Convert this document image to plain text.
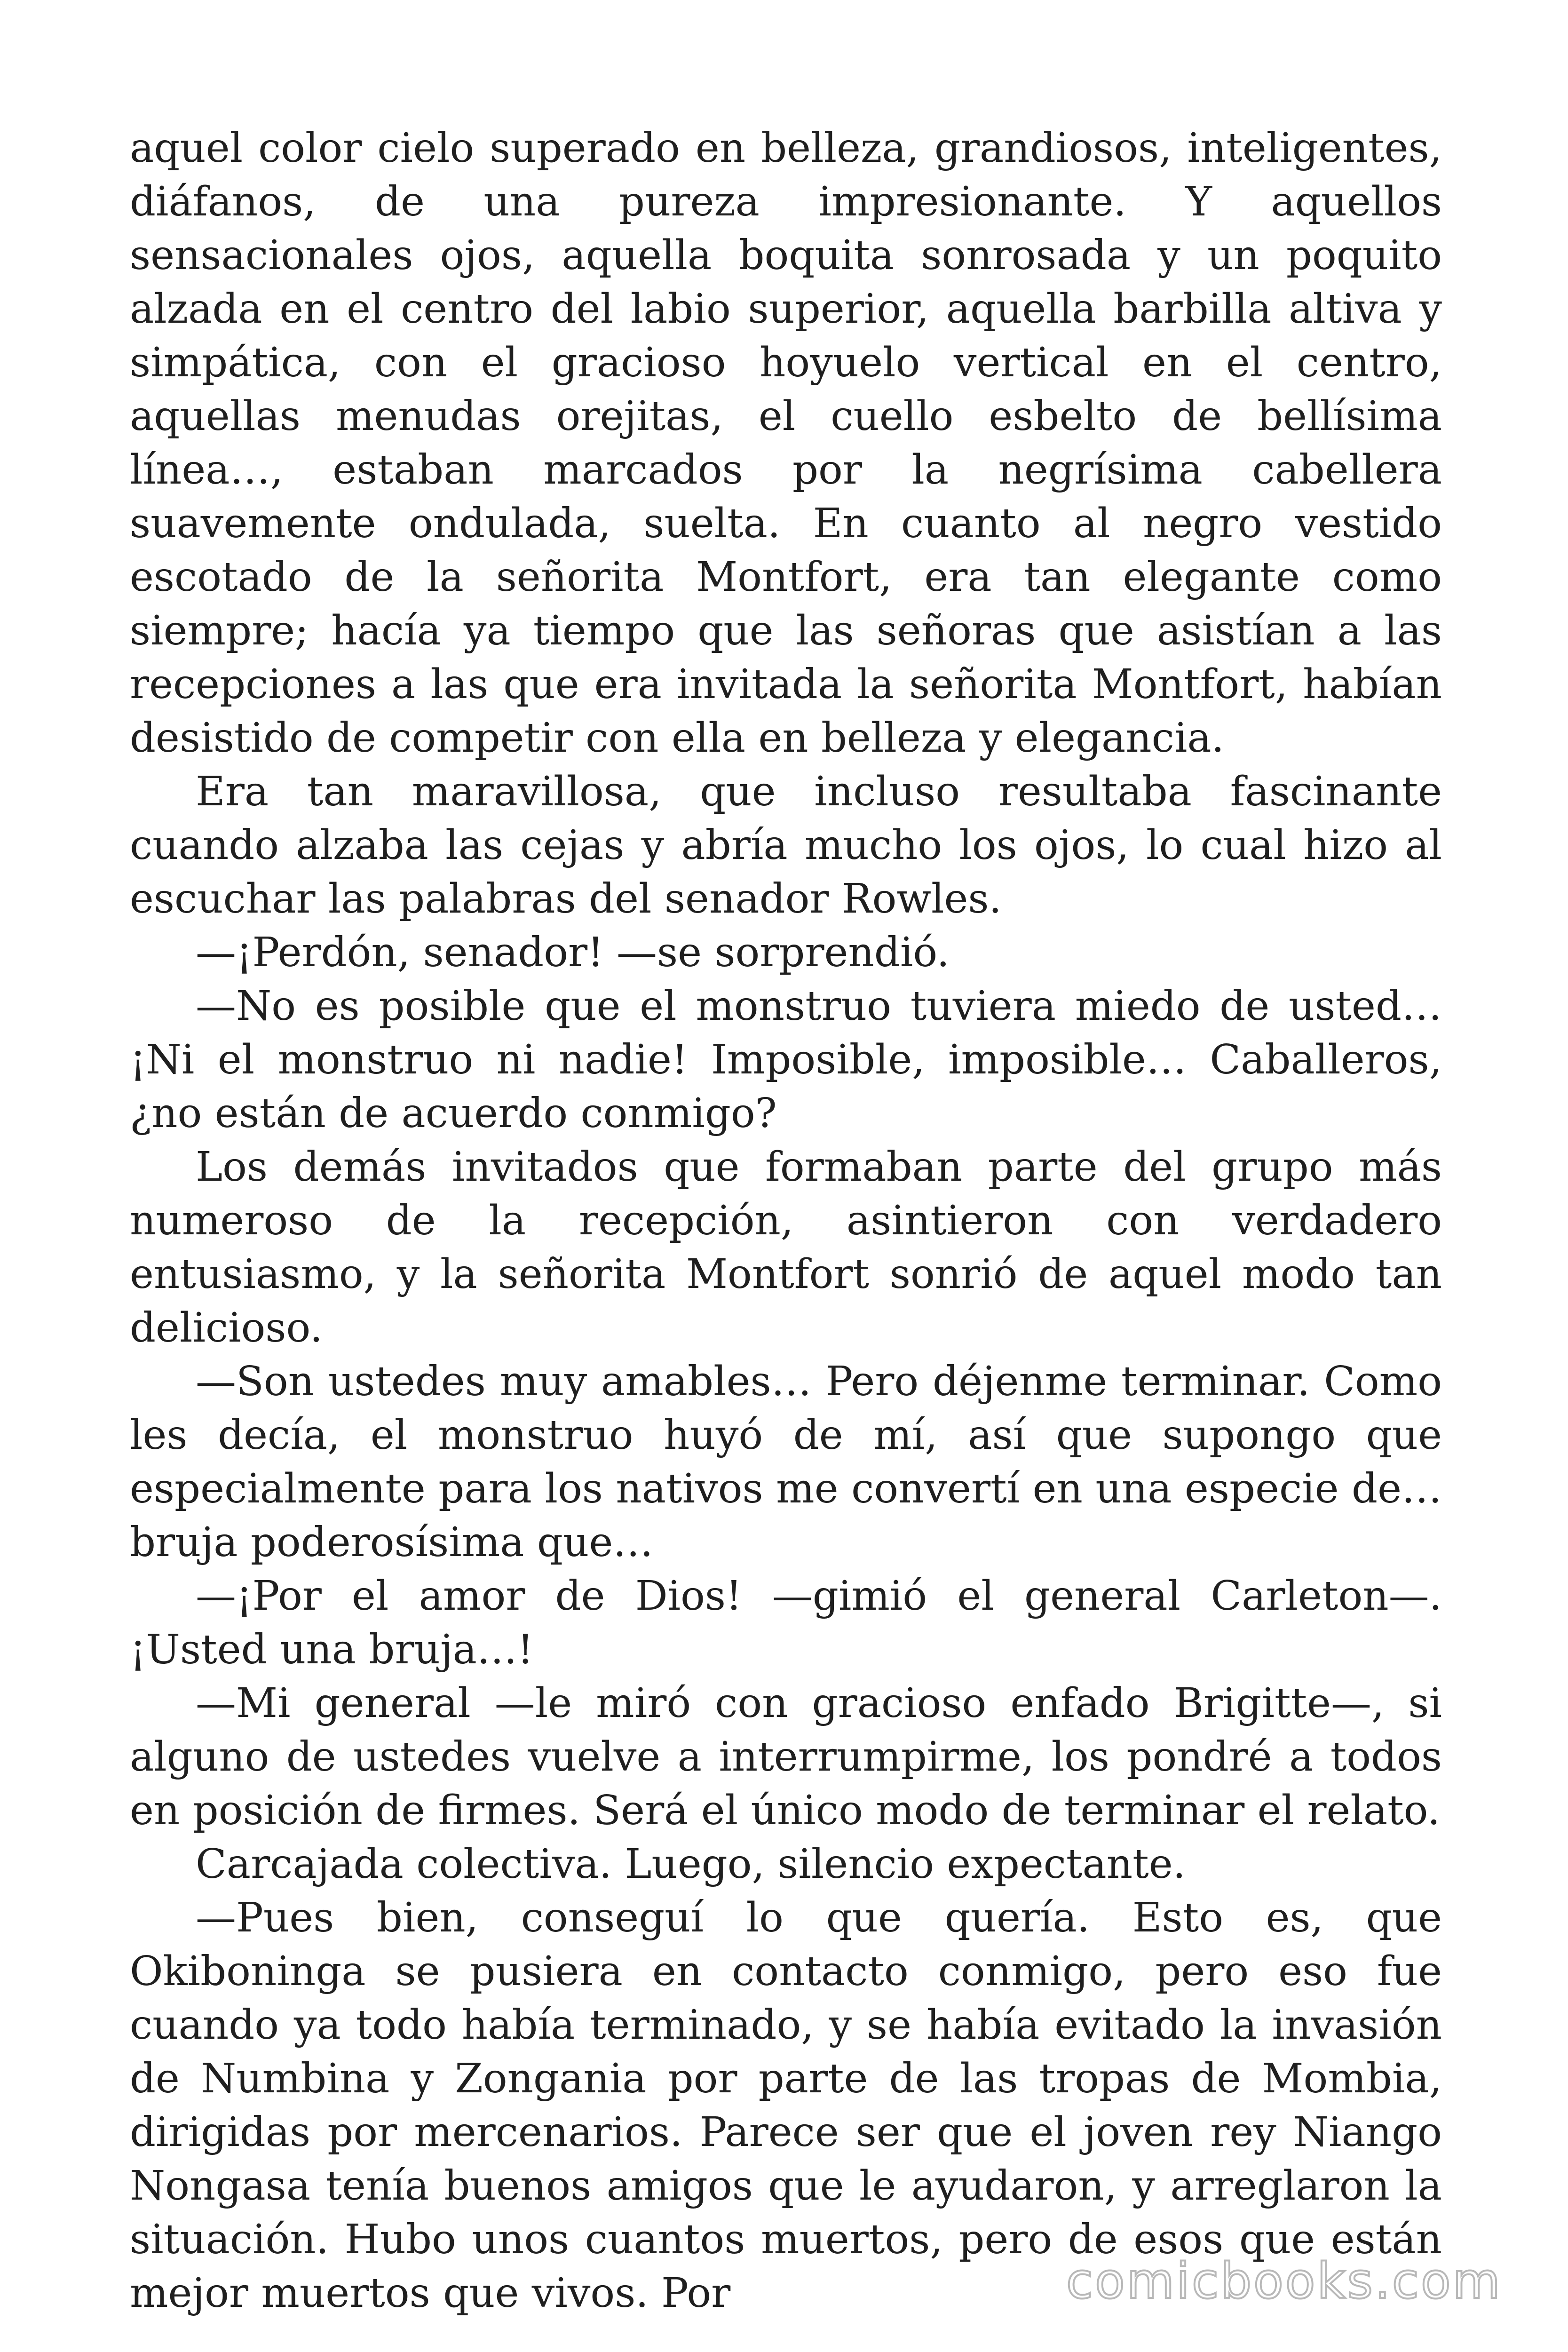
aquel color cielo superado en belleza, grandiosos, inteligentes, diáfanos, de una pureza impresionante. Y aquellos sensacionales ojos, aquella boquita sonrosada y un poquito alzada en el centro del labio superior, aquella barbilla altiva y simpática, con el gracioso hoyuelo vertical en el centro, aquellas menudas orejitas, el cuello esbelto de bellísima línea…, estaban marcados por la negrísima cabellera suavemente ondulada, suelta. En cuanto al negro vestido escotado de la señorita Montfort, era tan elegante como siempre; hacía ya tiempo que las señoras que asistían a las recepciones a las que era invitada la señorita Montfort, habían desistido de competir con ella en belleza y elegancia.

Era tan maravillosa, que incluso resultaba fascinante cuando alzaba las cejas y abría mucho los ojos, lo cual hizo al escuchar las palabras del senador Rowles.

—¡Perdón, senador! —se sorprendió.

—No es posible que el monstruo tuviera miedo de usted… ¡Ni el monstruo ni nadie! Imposible, imposible… Caballeros, ¿no están de acuerdo conmigo?

Los demás invitados que formaban parte del grupo más numeroso de la recepción, asintieron con verdadero entusiasmo, y la señorita Montfort sonrió de aquel modo tan delicioso.

—Son ustedes muy amables… Pero déjenme terminar. Como les decía, el monstruo huyó de mí, así que supongo que especialmente para los nativos me convertí en una especie de… bruja poderosísima que…

—¡Por el amor de Dios! —gimió el general Carleton—. ¡Usted una bruja…!

—Mi general —le miró con gracioso enfado Brigitte—, si alguno de ustedes vuelve a interrumpirme, los pondré a todos en posición de firmes. Será el único modo de terminar el relato.

Carcajada colectiva. Luego, silencio expectante.

—Pues bien, conseguí lo que quería. Esto es, que Okiboninga se pusiera en contacto conmigo, pero eso fue cuando ya todo había terminado, y se había evitado la invasión de Numbina y Zongania por parte de las tropas de Mombia, dirigidas por mercenarios. Parece ser que el joven rey Niango Nongasa tenía buenos amigos que le ayudaron, y arreglaron la situación. Hubo unos cuantos muertos, pero de esos que están mejor muertos que vivos. Por	comicbooks.com
